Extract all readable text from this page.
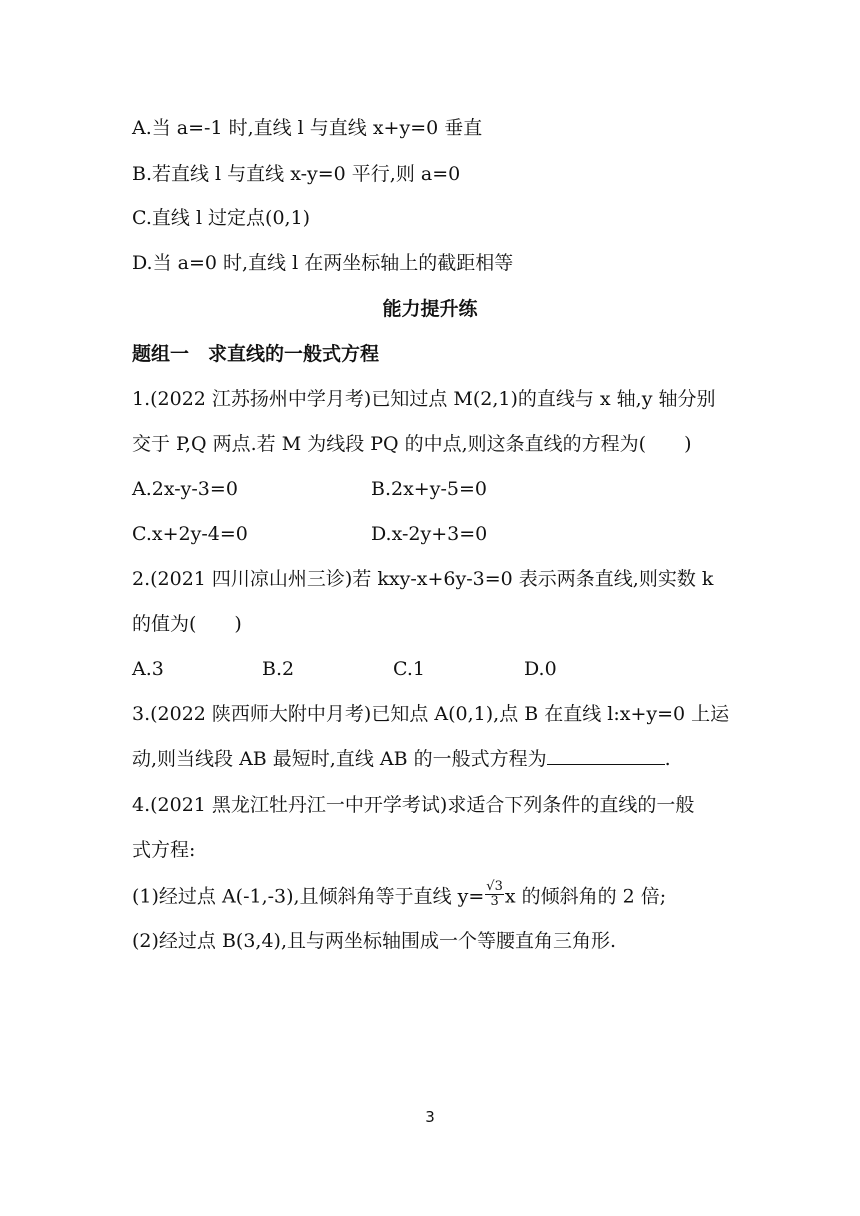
A.当 a=-1 时,直线 l 与直线 x+y=0 垂直
B.若直线 l 与直线 x-y=0 平行,则 a=0
C.直线 l 过定点(0,1)
D.当 a=0 时,直线 l 在两坐标轴上的截距相等
能力提升练
题组一　求直线的一般式方程
1.(2022 江苏扬州中学月考)已知过点 M(2,1)的直线与 x 轴,y 轴分别
交于 P,Q 两点.若 M 为线段 PQ 的中点,则这条直线的方程为(　　)
A.2x-y-3=0	B.2x+y-5=0
C.x+2y-4=0	D.x-2y+3=0
2.(2021 四川凉山州三诊)若 kxy-x+6y-3=0 表示两条直线,则实数 k
的值为(　　)
A.3	B.2	C.1	D.0
3.(2022 陕西师大附中月考)已知点 A(0,1),点 B 在直线 l:x+y=0 上运
动,则当线段 AB 最短时,直线 AB 的一般式方程为	.
4.(2021 黑龙江牡丹江一中开学考试)求适合下列条件的直线的一般
式方程:
(1)经过点 A(-1,-3),且倾斜角等于直线 $y= \frac{√3}{3}$ x 的倾斜角的 2 倍;
(2)经过点 B(3,4),且与两坐标轴围成一个等腰直角三角形.
3
